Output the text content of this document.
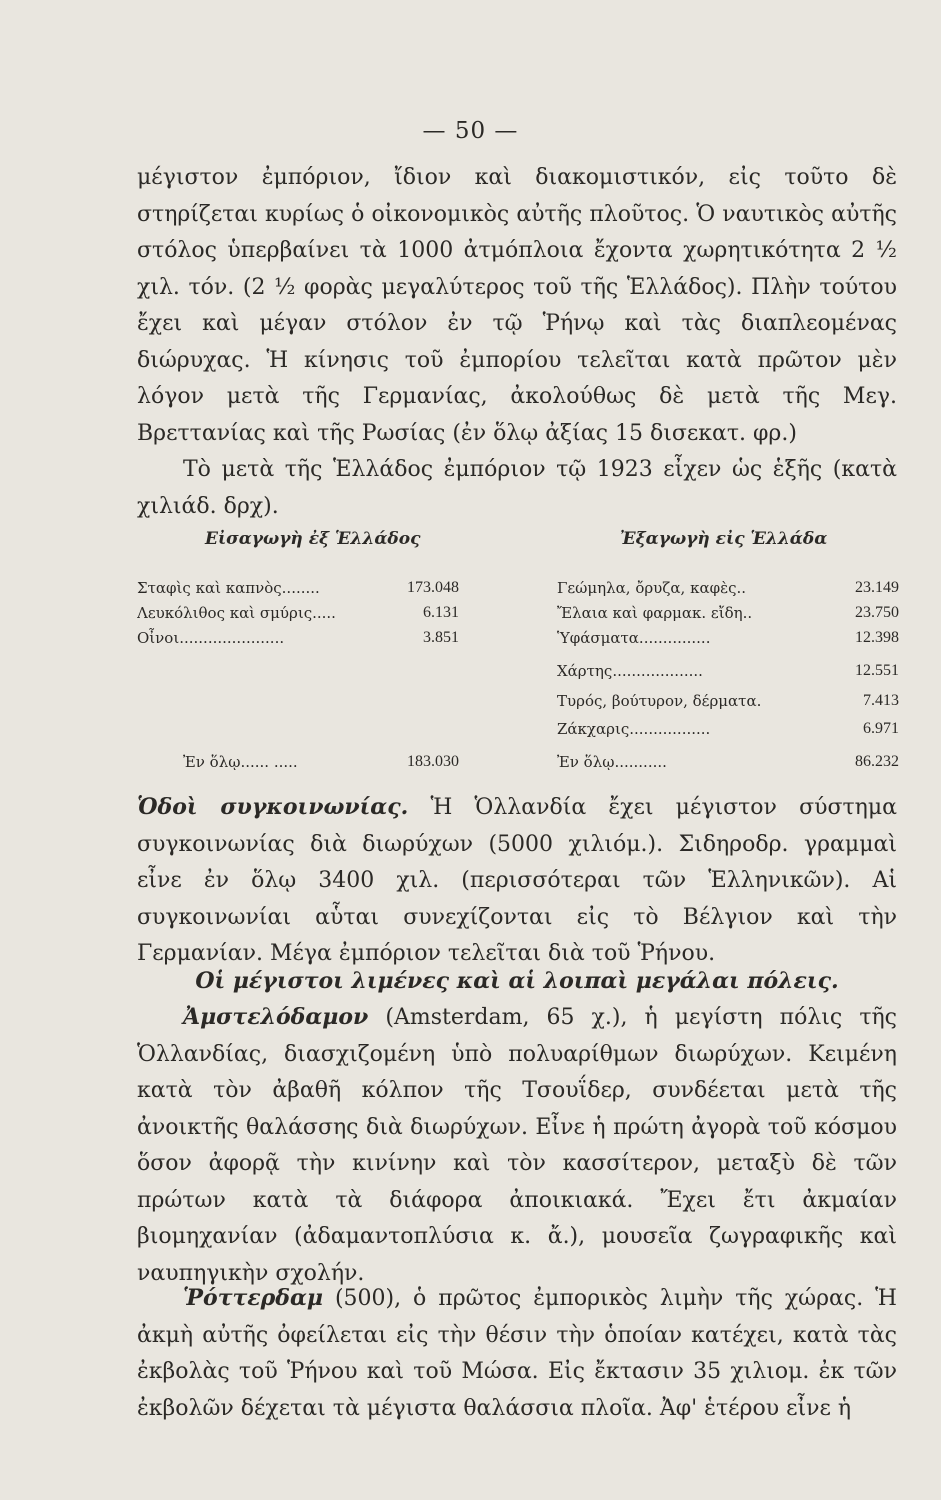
— 50 —

μέγιστον ἐμπόριον, ἴδιον καὶ διακομιστικόν, εἰς τοῦτο δὲ στηρίζεται κυρίως ὁ οἰκονομικὸς αὐτῆς πλοῦτος. Ὁ ναυτικὸς αὐτῆς στόλος ὑπερβαίνει τὰ 1000 ἀτμόπλοια ἔχοντα χωρητικότητα 2 ½ χιλ. τόν. (2 ½ φορὰς μεγαλύτερος τοῦ τῆς Ἑλλάδος). Πλὴν τούτου ἔχει καὶ μέγαν στόλον ἐν τῷ Ῥήνῳ καὶ τὰς διαπλεομένας διώρυχας. Ἡ κίνησις τοῦ ἐμπορίου τελεῖται κατὰ πρῶτον μὲν λόγον μετὰ τῆς Γερμανίας, ἀκολούθως δὲ μετὰ τῆς Μεγ. Βρεττανίας καὶ τῆς Ρωσίας (ἐν ὅλῳ ἀξίας 15 δισεκατ. φρ.)

Τὸ μετὰ τῆς Ἑλλάδος ἐμπόριον τῷ 1923 εἶχεν ὡς ἑξῆς (κατὰ χιλιάδ. δρχ).

Εἰσαγωγὴ ἐξ Ἑλλάδος	Ἐξαγωγὴ εἰς Ἑλλάδα
Σταφὶς καὶ καπνὸς........	173.048
Λευκόλιθος καὶ σμύρις.....	6.131
Οἶνοι......................	3.851
Ἐν ὅλῳ...... .....	183.030
Γεώμηλα, ὄρυζα, καφὲς..	23.149
Ἔλαια καὶ φαρμακ. εἴδη..	23.750
Ὑφάσματα...............	12.398
Χάρτης...................	12.551
Τυρός, βούτυρον, δέρματα.	7.413
Ζάκχαρις.................	6.971
Ἐν ὅλῳ...........	86.232

Ὁδοὶ συγκοινωνίας. Ἡ Ὁλλανδία ἔχει μέγιστον σύστημα συγκοινωνίας διὰ διωρύχων (5000 χιλιόμ.). Σιδηροδρ. γραμμαὶ εἶνε ἐν ὅλῳ 3400 χιλ. (περισσότεραι τῶν Ἑλληνικῶν). Αἱ συγκοινωνίαι αὗται συνεχίζονται εἰς τὸ Βέλγιον καὶ τὴν Γερμανίαν. Μέγα ἐμπόριον τελεῖται διὰ τοῦ Ῥήνου.

Οἱ μέγιστοι λιμένες καὶ αἱ λοιπαὶ μεγάλαι πόλεις.

Ἀμστελόδαμον (Amsterdam, 65 χ.), ἡ μεγίστη πόλις τῆς Ὁλλανδίας, διασχιζομένη ὑπὸ πολυαρίθμων διωρύχων. Κειμένη κατὰ τὸν ἀβαθῆ κόλπον τῆς Τσουΐδερ, συνδέεται μετὰ τῆς ἀνοικτῆς θαλάσσης διὰ διωρύχων. Εἶνε ἡ πρώτη ἀγορὰ τοῦ κόσμου ὅσον ἀφορᾷ τὴν κινίνην καὶ τὸν κασσίτερον, μεταξὺ δὲ τῶν πρώτων κατὰ τὰ διάφορα ἀποικιακά. Ἔχει ἔτι ἀκμαίαν βιομηχανίαν (ἀδαμαντοπλύσια κ. ἄ.), μουσεῖα ζωγραφικῆς καὶ ναυπηγικὴν σχολήν.

Ῥόττερδαμ (500), ὁ πρῶτος ἐμπορικὸς λιμὴν τῆς χώρας. Ἡ ἀκμὴ αὐτῆς ὀφείλεται εἰς τὴν θέσιν τὴν ὁποίαν κατέχει, κατὰ τὰς ἐκβολὰς τοῦ Ῥήνου καὶ τοῦ Μώσα. Εἰς ἔκτασιν 35 χιλιομ. ἐκ τῶν ἐκβολῶν δέχεται τὰ μέγιστα θαλάσσια πλοῖα. Ἀφ' ἑτέρου εἶνε ἡ
